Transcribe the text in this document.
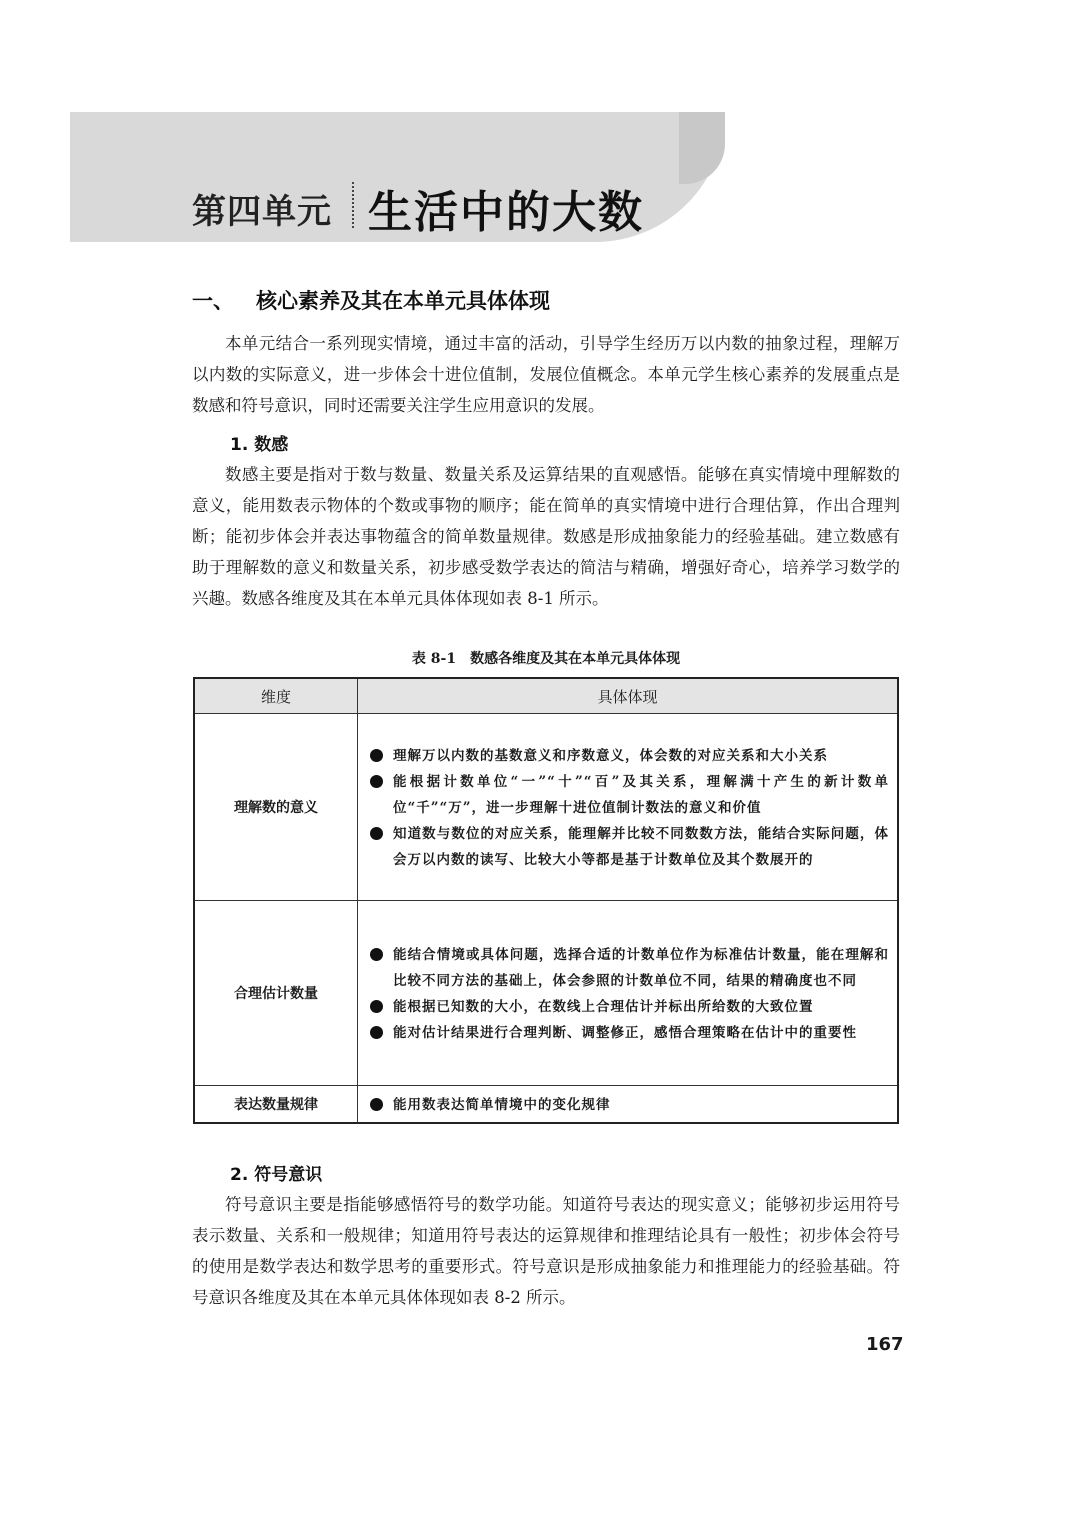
第四单元 生活中的大数
一、 核心素养及其在本单元具体体现
本单元结合一系列现实情境，通过丰富的活动，引导学生经历万以内数的抽象过程，理解万以内数的实际意义，进一步体会十进位值制，发展位值概念。本单元学生核心素养的发展重点是数感和符号意识，同时还需要关注学生应用意识的发展。
1. 数感
数感主要是指对于数与数量、数量关系及运算结果的直观感悟。能够在真实情境中理解数的意义，能用数表示物体的个数或事物的顺序；能在简单的真实情境中进行合理估算，作出合理判断；能初步体会并表达事物蕴含的简单数量规律。数感是形成抽象能力的经验基础。建立数感有助于理解数的意义和数量关系，初步感受数学表达的简洁与精确，增强好奇心，培养学习数学的兴趣。数感各维度及其在本单元具体体现如表 8-1 所示。
表 8-1　数感各维度及其在本单元具体体现
维度	具体体现
理解数的意义	理解万以内数的基数意义和序数意义，体会数的对应关系和大小关系
能根据计数单位“一”“十”“百”及其关系，理解满十产生的新计数单位“千”“万”，进一步理解十进位值制计数法的意义和价值
知道数与数位的对应关系，能理解并比较不同数数方法，能结合实际问题，体会万以内数的读写、比较大小等都是基于计数单位及其个数展开的

合理估计数量	能结合情境或具体问题，选择合适的计数单位作为标准估计数量，能在理解和比较不同方法的基础上，体会参照的计数单位不同，结果的精确度也不同
能根据已知数的大小，在数线上合理估计并标出所给数的大致位置
能对估计结果进行合理判断、调整修正，感悟合理策略在估计中的重要性

表达数量规律	能用数表达简单情境中的变化规律
2. 符号意识
符号意识主要是指能够感悟符号的数学功能。知道符号表达的现实意义；能够初步运用符号表示数量、关系和一般规律；知道用符号表达的运算规律和推理结论具有一般性；初步体会符号的使用是数学表达和数学思考的重要形式。符号意识是形成抽象能力和推理能力的经验基础。符号意识各维度及其在本单元具体体现如表 8-2 所示。
167
